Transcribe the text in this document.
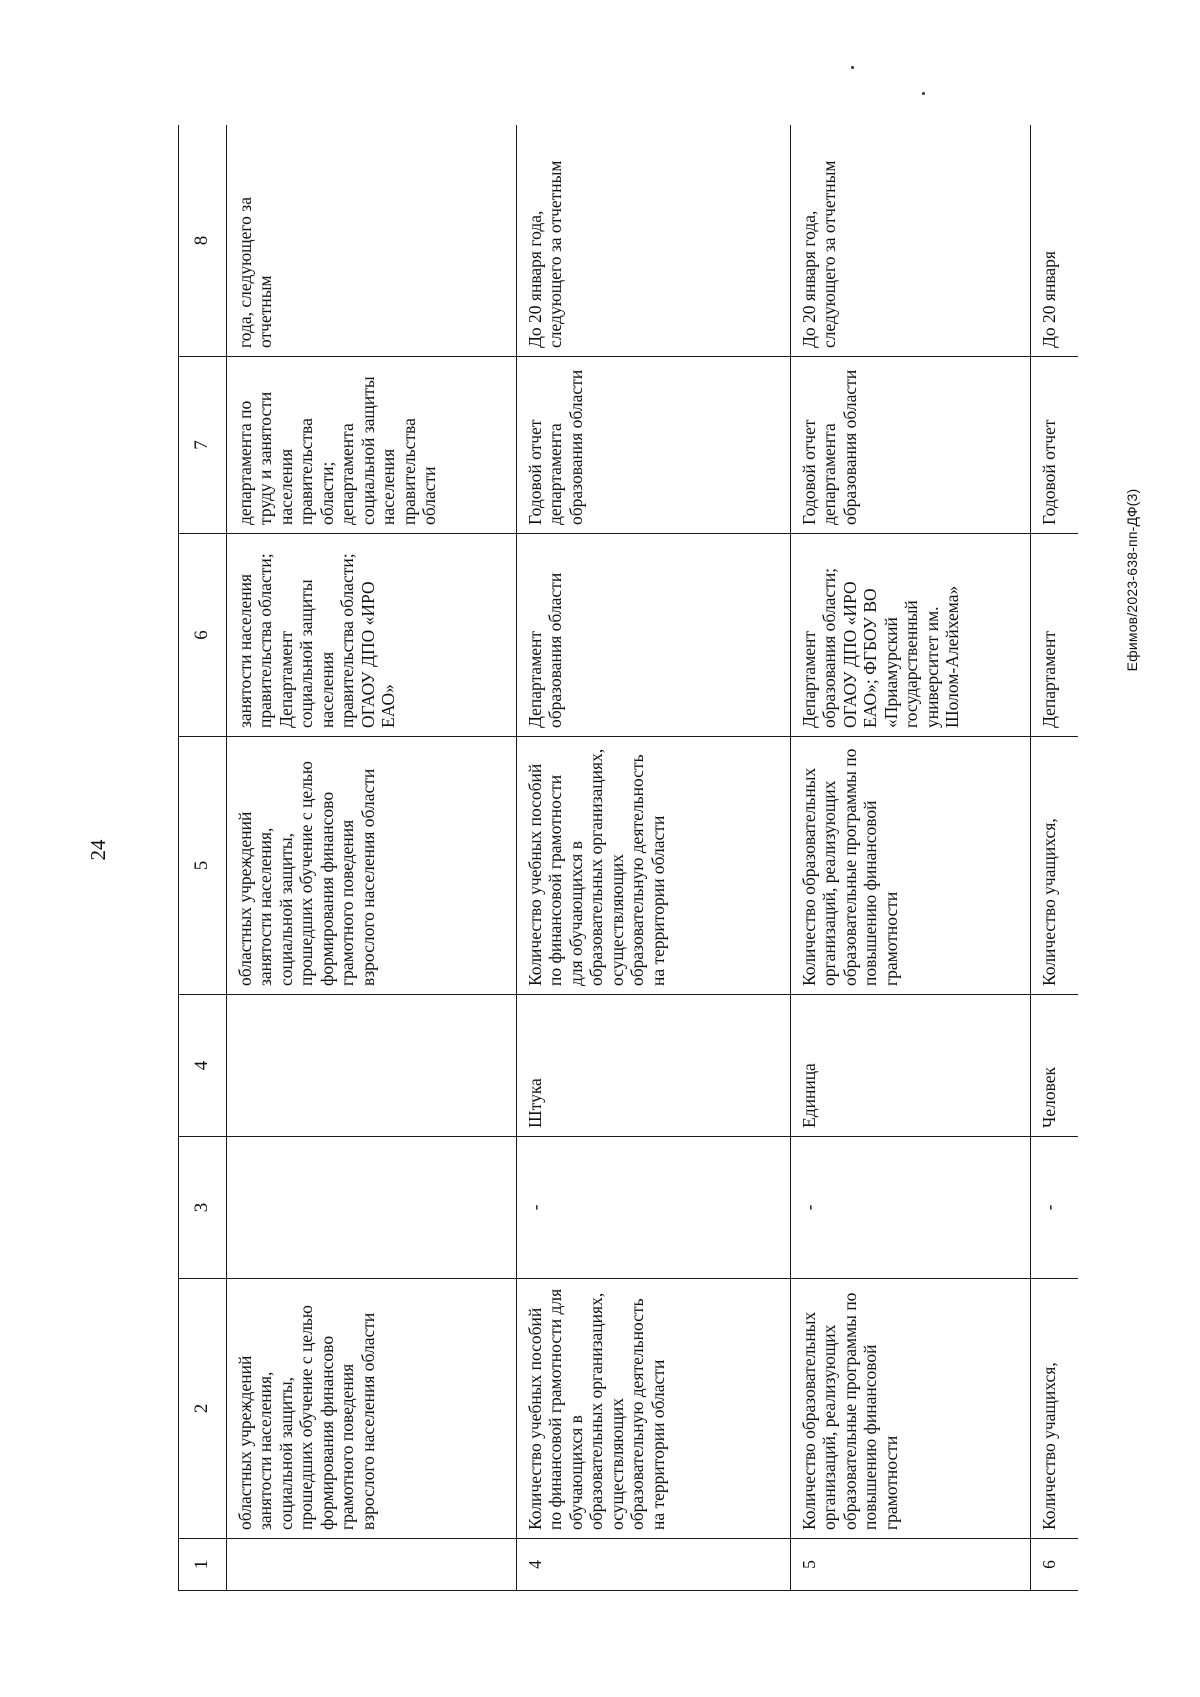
24
1	2	3	4	5	6	7	8
	областных учреждений занятости населения, социальной защиты, прошедших обучение с целью формирования финансово грамотного поведения взрослого населения области			областных учреждений занятости населения, социальной защиты, прошедших обучение с целью формирования финансово грамотного поведения взрослого населения области	занятости населения правительства области; Департамент социальной защиты населения правительства области; ОГАОУ ДПО «ИРО ЕАО»	департамента по труду и занятости населения правительства области; департамента социальной защиты населения правительства области	года, следующего за отчетным
4	Количество учебных пособий по финансовой грамотности для обучающихся в образовательных организациях, осуществляющих образовательную деятельность на территории области	-	Штука	Количество учебных пособий по финансовой грамотности для обучающихся в образовательных организациях, осуществляющих образовательную деятельность на территории области	Департамент образования области	Годовой отчет департамента образования области	До 20 января года, следующего за отчетным
5	Количество образовательных организаций, реализующих образовательные программы по повышению финансовой грамотности	-	Единица	Количество образовательных организаций, реализующих образовательные программы по повышению финансовой грамотности	Департамент образования области; ОГАОУ ДПО «ИРО ЕАО»; ФГБОУ ВО «Приамурский государственный университет им. Шолом-Алейхема»	Годовой отчет департамента образования области	До 20 января года, следующего за отчетным
6	Количество учащихся,	-	Человек	Количество учащихся,	Департамент	Годовой отчет	До 20 января
Ефимов/2023-638-пп-ДФ(3)
